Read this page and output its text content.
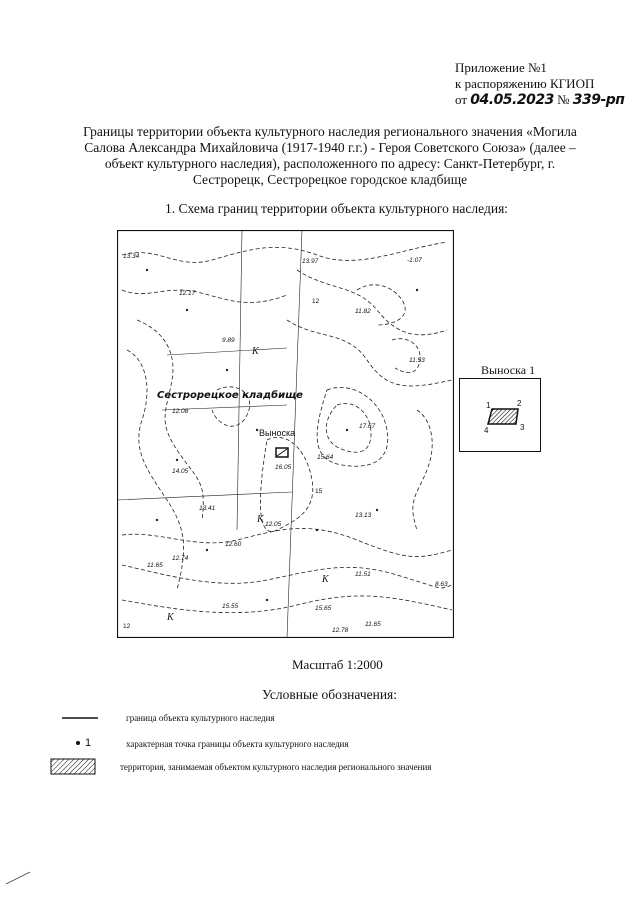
Приложение №1
к распоряжению КГИОП
от 04.05.2023 № 339-рп
Границы территории объекта культурного наследия регионального значения «Могила Салова Александра Михайловича (1917-1940 г.г.) - Героя Советского Союза» (далее – объект культурного наследия), расположенного по адресу: Санкт-Петербург, г. Сестрорецк, Сестрорецкое городское кладбище
1. Схема границ территории объекта культурного наследия:
13.34
12.17
13.97	-1.07
11.82
11.53
12.08
17.67
15.64
16.05
14.05
13.41
12.05
12.60
12.74
13.13
11.51
8.63
11.65
15.55	15.65
12.78
11.65
9.89
К
К
К
К
12
15
12
Сестрорецкое кладбище
Выноска
Выноска 1
1	2
3
4
Масштаб 1:2000
Условные обозначения:
граница объекта культурного наследия
1	характерная точка границы объекта культурного наследия
территория, занимаемая объектом культурного наследия регионального значения
